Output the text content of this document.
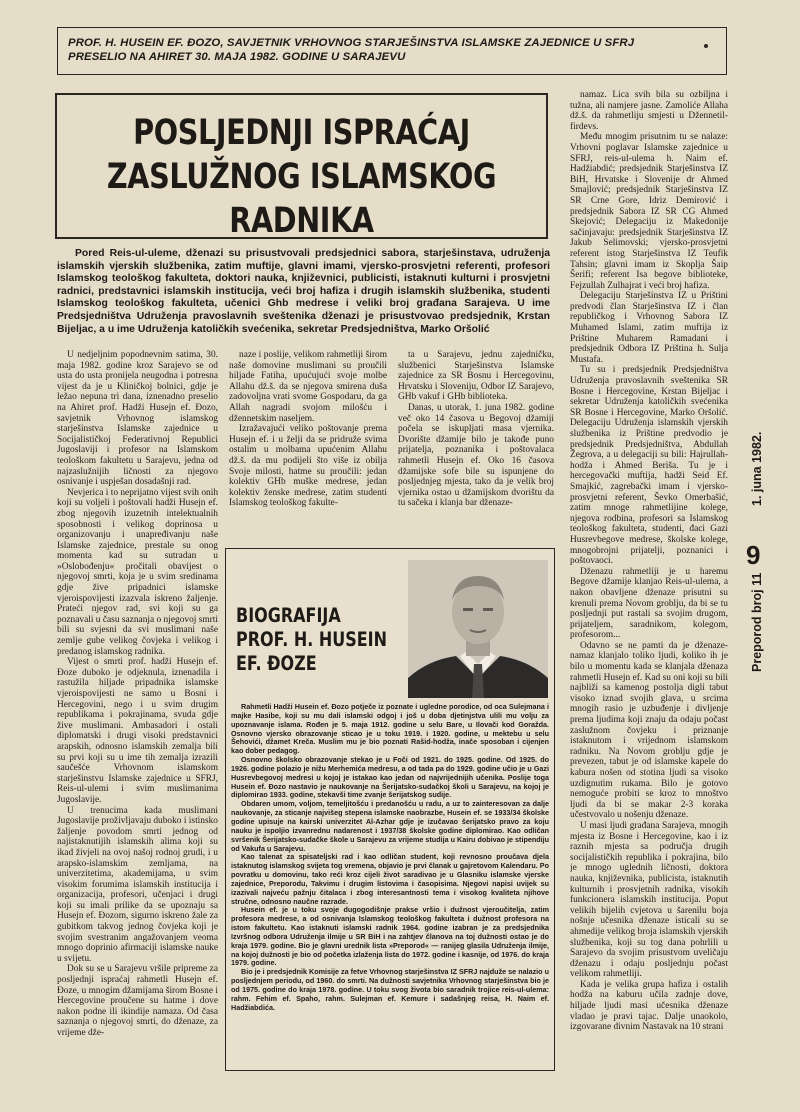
PROF. H. HUSEIN EF. ĐOZO, SAVJETNIK VRHOVNOG STARJEŠINSTVA ISLAMSKE ZAJEDNICE U SFRJ
PRESELIO NA AHIRET 30. MAJA 1982. GODINE U SARAJEVU
POSLJEDNJI ISPRAĆAJ
ZASLUŽNOG ISLAMSKOG RADNIKA
Pored Reis-ul-uleme, dženazi su prisustvovali predsjednici sabora, starješinstava, udruženja islamskih vjerskih službenika, zatim muftije, glavni imami, vjersko-prosvjetni referenti, profesori Islamskog teološkog fakulteta, doktori nauka, književnici, publicisti, istaknuti kulturni i prosvjetni radnici, predstavnici islamskih institucija, veći broj hafiza i drugih islamskih službenika, studenti Islamskog teološkog fakulteta, učenici Ghb medrese i veliki broj građana Sarajeva. U ime Predsjedništva Udruženja pravoslavnih sveštenika dženazi je prisustvovao predsjednik, Krstan Bijeljac, a u ime Udruženja katoličkih svećenika, sekretar Predsjedništva, Marko Oršolić

U nedjeljnim popodnevnim satima, 30. maja 1982. godine kroz Sarajevo se od usta do usta pronijela neugodna i potresna vijest da je u Kliničkoj bolnici, gdje je ležao nepuna tri dana, iznenadno preselio na Ahiret prof. Hadži Husejn ef. Đozo, savjetnik Vrhovnog islamskog starješinstva Islamske zajednice u Socijalističkoj Federativnoj Republici Jugoslaviji i profesor na Islamskom teološkom fakultetu u Sarajevu, jedna od najzaslužnijih ličnosti za njegovo osnivanje i uspješan dosadašnji rad.

Nevjerica i to neprijatno vijest svih onih koji su voljeli i poštovali hadži Husejn ef. zbog njegovih izuzetnih intelektualnih sposobnosti i velikog doprinosa u organizovanju i unapređivanju naše Islamske zajednice, prestale su onog momenta kad su sutradan u »Oslobođenju« pročitali obavijest o njegovoj smrti, koja je u svim sredinama gdje žive pripadnici islamske vjeroispovijesti izazvala iskreno žaljenje. Prateći njegov rad, svi koji su ga poznavali u času saznanja o njegovoj smrti bili su svjesni da svi muslimani naše zemlje gube velikog čovjeka i velikog i predanog islamskog radnika.

Vijest o smrti prof. hadži Husejn ef. Đoze duboko je odjeknula, iznenadila i rastužila hiljade pripadnika islamske vjeroispovijesti ne samo u Bosni i Hercegovini, nego i u svim drugim republikama i pokrajinama, svuda gdje žive muslimani. Ambasadori i ostali diplomatski i drugi visoki predstavnici arapskih, odnosno islamskih zemalja bili su prvi koji su u ime tih zemalja izrazili saučešće Vrhovnom islamskom starješinstvu Islamske zajednice u SFRJ, Reis-ul-ulemi i svim muslimanima Jugoslavije.

U trenucima kada muslimani Jugoslavije proživljavaju duboko i istinsko žaljenje povodom smrti jednog od najistaknutijih islamskih alima koji su ikad živjeli na ovoj našoj rodnoj grudi, i u arapsko-islamskim zemljama, na univerzitetima, akademijama, u svim visokim forumima islamskih institucija i organizacija, profesori, učenjaci i drugi koji su imali prilike da se upoznaju sa Husejn ef. Đozom, sigurno iskreno žale za gubitkom takvog jednog čovjeka koji je svojim svestranim angažovanjem veoma mnogo doprinio afirmaciji islamske nauke u svijetu.

Dok su se u Sarajevu vršile pripreme za posljednji ispraćaj rahmetli Husejn ef. Đoze, u mnogim džamijama širom Bosne i Hercegovine proučene su hatme i dove nakon podne ili ikindije namaza. Od časa saznanja o njegovoj smrti, do dženaze, za vrijeme dže-

naze i poslije, velikom rahmetliji širom naše domovine muslimani su proučili hiljade Fatiha, upućujući svoje molbe Allahu dž.š. da se njegova smirena duša zadovoljna vrati svome Gospodaru, da ga Allah nagradi svojom milošću i džennetskim naseljem.

Izražavajući veliko poštovanje prema Husejn ef. i u želji da se pridruže svima ostalim u molbama upućenim Allahu dž.š. da mu podijeli što više iz obilja Svoje milosti, hatme su proučili: jedan kolektiv GHb muške medrese, jedan kolektiv ženske medrese, zatim studenti Islamskog teološkog fakulte-

ta u Sarajevu, jednu zajedničku, službenici Starješinstva Islamske zajednice za SR Bosnu i Hercegovinu, Hrvatsku i Sloveniju, Odbor IZ Sarajevo, GHb vakuf i GHb biblioteka.

Danas, u utorak, 1. juna 1982. godine več oko 14 časova u Begovoj džamiji počela se iskupljati masa vjernika. Dvorište džamije bilo je takođe puno prijatelja, poznanika i poštovalaca rahmetli Husejn ef. Oko 16 časova džamijske sofe bile su ispunjene do posljednjeg mjesta, tako da je velik broj vjernika ostao u džamijskom dvorištu da tu sačeka i klanja bar dženaze-

namaz. Lica svih bila su ozbiljna i tužna, ali namjere jasne. Zamoliće Allaha dž.š. da rahmetliju smjesti u Džennetil-firdevs.

Među mnogim prisutnim tu se nalaze: Vrhovni poglavar Islamske zajednice u SFRJ, reis-ul-ulema h. Naim ef. Hadžiabdić; predsjednik Starješinstva IZ BiH, Hrvatske i Slovenije dr Ahmed Smajlović; predsjednik Starješinstva IZ SR Crne Gore, Idriz Demirović i predsjednik Sabora IZ SR CG Ahmed Skejović; Delegaciju iz Makedonije sačinjavaju: predsjednik Starješinstva IZ Jakub Selimovski; vjersko-prosvjetni referent istog Starješinstva IZ Teufik Tahsin; glavni imam iz Skoplja Šaip Šerifi; referent Isa begove biblioteke, Fejzullah Zulhajrat i veći broj hafiza.

Delegaciju Starješinstva IZ u Prištini predvodi član Starješinstva IZ i član republičkog i Vrhovnog Sabora IZ Muhamed Islami, zatim muftija iz Prištine Muharem Ramadani i predsjednik Odbora IZ Priština h. Sulja Mustafa.

Tu su i predsjednik Predsjedništva Udruženja pravoslavnih sveštenika SR Bosne i Hercegovine, Krstan Bijeljac i sekretar Udruženja katoličkih svećenika SR Bosne i Hercegovine, Marko Oršolić. Delegaciju Udruženja islamskih vjerskih službenika iz Prištine predvodio je predsjednik Predsjedništva, Abdullah Žegrova, a u delegaciji su bili: Hajrullah-hodža i Ahmed Beriša. Tu je i hercegovački muftija, hadži Seid Ef. Smajkić, zagrebački imam i vjersko-prosvjetni referent, Ševko Omerbašić, zatim mnoge rahmetlijine kolege, njegova rodbina, profesori sa Islamskog teološkog fakulteta, studenti, đaci Gazi Husrevbegove medrese, školske kolege, mnogobrojni prijatelji, poznanici i poštovaoci.

Dženazu rahmetliji je u haremu Begove džamije klanjao Reis-ul-ulema, a nakon obavljene dženaze prisutni su krenuli prema Novom groblju, da bi se tu posljednji put rastali sa svojim drugom, prijateljem, saradnikom, kolegom, profesorom...

Odavno se ne pamti da je dženaze-namaz klanjalo toliko ljudi, koliko ih je bilo u momentu kada se klanjala dženaza rahmetli Husejn ef. Kad su oni koji su bili najbliži sa kamenog postolja digli tabut visoko iznad svojih glava, u srcima mnogih rasio je uzbuđenje i divljenje prema ljudima koji znaju da odaju počast zaslužnom čovjeku i priznanje istaknutom i vrijednom islamskom radniku. Na Novom groblju gdje je prevezen, tabut je od islamske kapele do kabura nošen od stotina ljudi sa visoko uzdignutim rukama. Bilo je gotovo nemoguće probiti se kroz to mnoštvo ljudi da bi se makar 2-3 koraka učestvovalo u nošenju dženaze.

U masi ljudi građana Sarajeva, mnogih mjesta iz Bosne i Hercegovine, kao i iz raznih mjesta sa područja drugih socijalističkih republika i pokrajina, bilo je mnogo uglednih ličnosti, doktora nauka, književnika, publicista, istaknutih kulturnih i prosvjetnih radnika, visokih funkcionera islamskih institucija. Poput velikih bijelih cvjetova u šarenilu boja nošnje učesnika dženaze isticali su se ahmedije velikog broja islamskih vjerskih službenika, koji su tog dana pohrlili u Sarajevo da svojim prisustvom uveličaju dženazu i odaju posljednju počast velikom rahmetliji.

Kada je velika grupa hafiza i ostalih hodža na kaburu učila zadnje dove, hiljade ljudi masi učesnika dženaze vladao je pravi tajac. Dalje unaokolo, izgovarane divnim Nastavak na 10 strani

BIOGRAFIJA
PROF. H. HUSEIN
EF. ĐOZE

Rahmetli Hadži Husein ef. Đozo potječe iz poznate i ugledne porodice, od oca Sulejmana i majke Hasibe, koji su mu dali islamski odgoj i još u doba djetinjstva ulili mu volju za upoznavanje islama. Rođen je 5. maja 1912. godine u selu Bare, u Ilovači kod Goražda. Osnovno vjersko obrazovanje sticao je u toku 1919. i 1920. godine, u mektebu u selu Šehovići, džamet Kreča. Muslim mu je bio poznati Rašid-hodža, inače sposoban i cijenjen kao dober pedagog.

Osnovno školsko obrazovanje stekao je u Foči od 1921. do 1925. godine. Od 1925. do 1926. godine polazio je nižu Merhemića medresu, a od tada pa do 1929. godine učio je u Gazi Husrevbegovoj medresi u kojoj je istakao kao jedan od najvrijednijih učenika. Poslije toga Husein ef. Đozo nastavio je naukovanje na Šerijatsko-sudačkoj školi u Sarajevu, na kojoj je diplomirao 1933. godine, stekavši time zvanje šerijatskog sudije.

Obdaren umom, voljom, temeljitošću i predanošću u radu, a uz to zainteresovan za dalje naukovanje, za sticanje najvišeg stepena islamske naobrazbe, Husein ef. se 1933/34 školske godine upisuje na kairski univerzitet Al-Azhar gdje je izučavao šerijatsko pravo za koju nauku je ispoljio izvanrednu nadarenost i 1937/38 školske godine diplomirao. Kao odličan svršenik Šerijatsko-sudačke škole u Sarajevu za vrijeme studija u Kairu dobivao je stipendiju od Vakufa u Sarajevu.

Kao talenat za spisateljski rad i kao odličan student, koji revnosno proučava djela istaknutog islamskog svijeta tog vremena, objavio je prvi članak u gajretovom Kalendaru. Po povratku u domovinu, tako reći kroz cijeli život saradivao je u Glasniku islamske vjerske zajednice, Preporodu, Takvimu i drugim listovima i časopisima. Njegovi napisi uvijek su izazivali najveću pažnju čitalaca i zbog interesantnosti tema i visokog kvaliteta njihove stručne, odnosno naučne razrade.

Husein ef. je u toku svoje dugogodišnje prakse vršio i dužnost vjeroučitelja, zatim profesora medrese, a od osnivanja Islamskog teološkog fakulteta i dužnost profesora na istom fakultetu. Kao istaknuti islamski radnik 1964. godine izabran je za predsjednika Izvršnog odbora Udruženja ilmije u SR BiH i na zahtjev članova na toj dužnosti ostao je do kraja 1979. godine. Bio je glavni urednik lista »Preporod« — ranijeg glasila Udruženja ilmije, na kojoj dužnosti je bio od početka izlaženja lista do 1972. godine i kasnije, od 1976. do kraja 1979. godine.

Bio je i predsjednik Komisije za fetve Vrhovnog starješinstva IZ SFRJ najduže se nalazio u posljednjem periodu, od 1960. do smrti. Na dužnosti savjetnika Vrhovnog starješinstva bio je od 1975. godine do kraja 1978. godine. U toku svog života bio saradnik trojice reis-ul-ulema: rahm. Fehim ef. Spaho, rahm. Sulejman ef. Kemure i sadašnjeg reisa, H. Naim ef. Hadžiabdića.

Preporod broj 11
9
1. juna 1982.
